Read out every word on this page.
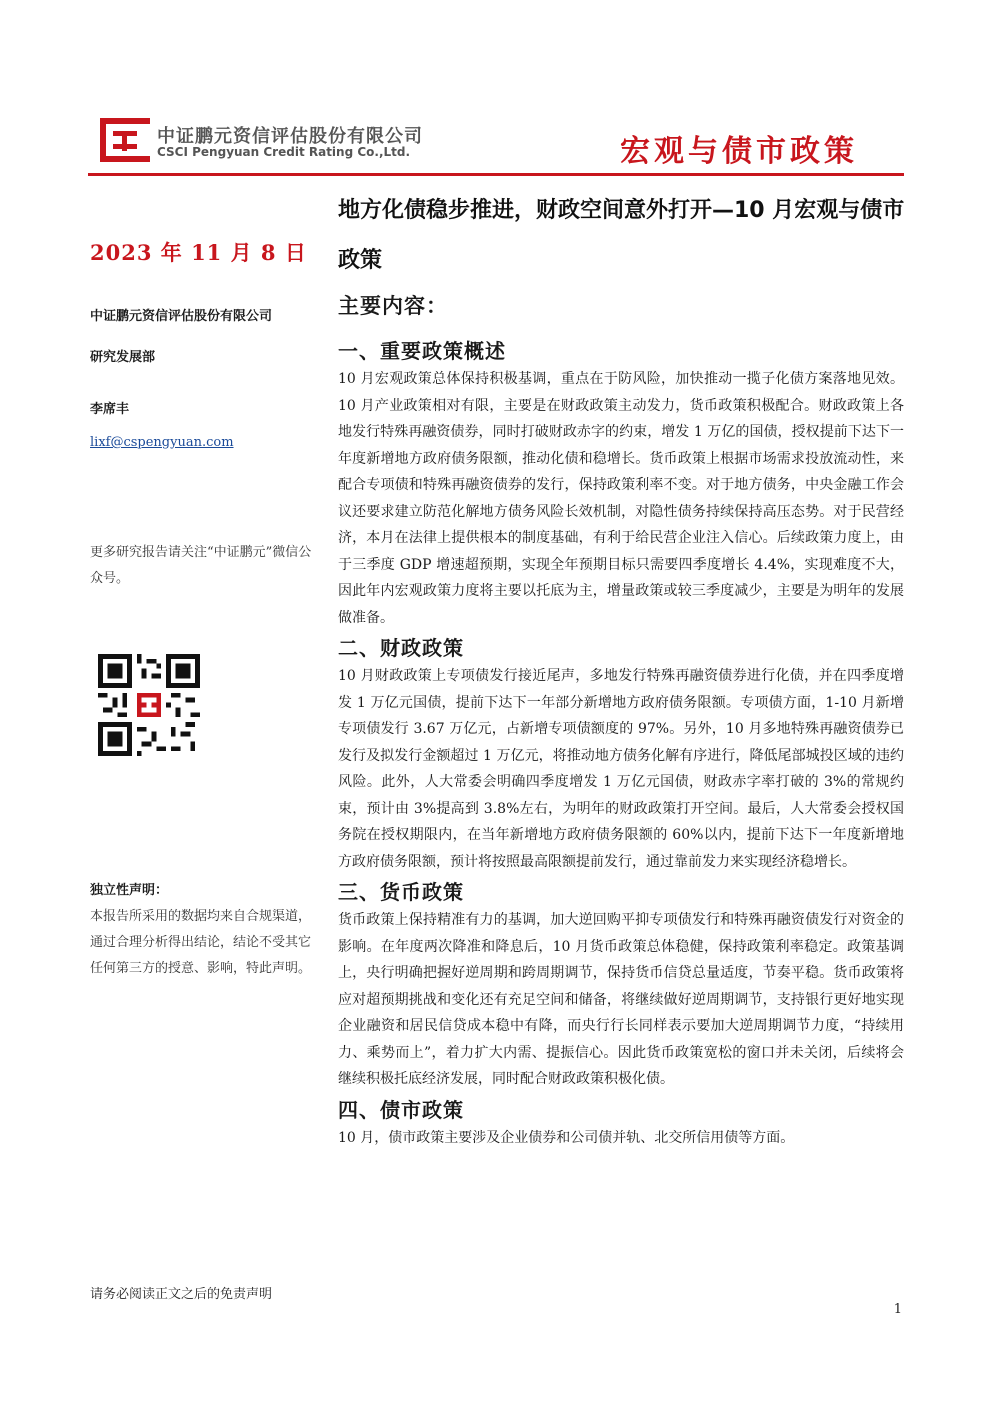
中证鹏元资信评估股份有限公司
CSCI Pengyuan Credit Rating Co.,Ltd.	宏观与债市政策
地方化债稳步推进，财政空间意外打开—10 月宏观与债市政策
2023 年 11 月 8 日
中证鹏元资信评估股份有限公司
研究发展部
李席丰
lixf@cspengyuan.com
更多研究报告请关注“中证鹏元”微信公众号。
独立性声明：
本报告所采用的数据均来自合规渠道，通过合理分析得出结论，结论不受其它任何第三方的授意、影响，特此声明。
主要内容：
一、重要政策概述

10 月宏观政策总体保持积极基调，重点在于防风险，加快推动一揽子化债方案落地见效。10 月产业政策相对有限，主要是在财政政策主动发力，货币政策积极配合。财政政策上各地发行特殊再融资债券，同时打破财政赤字的约束，增发 1 万亿的国债，授权提前下达下一年度新增地方政府债务限额，推动化债和稳增长。货币政策上根据市场需求投放流动性，来配合专项债和特殊再融资债券的发行，保持政策利率不变。对于地方债务，中央金融工作会议还要求建立防范化解地方债务风险长效机制，对隐性债务持续保持高压态势。对于民营经济，本月在法律上提供根本的制度基础，有利于给民营企业注入信心。后续政策力度上，由于三季度 GDP 增速超预期，实现全年预期目标只需要四季度增长 4.4%，实现难度不大，因此年内宏观政策力度将主要以托底为主，增量政策或较三季度减少，主要是为明年的发展做准备。

二、财政政策

10 月财政政策上专项债发行接近尾声，多地发行特殊再融资债券进行化债，并在四季度增发 1 万亿元国债，提前下达下一年部分新增地方政府债务限额。专项债方面，1-10 月新增专项债发行 3.67 万亿元，占新增专项债额度的 97%。另外，10 月多地特殊再融资债券已发行及拟发行金额超过 1 万亿元，将推动地方债务化解有序进行，降低尾部城投区域的违约风险。此外，人大常委会明确四季度增发 1 万亿元国债，财政赤字率打破的 3%的常规约束，预计由 3%提高到 3.8%左右，为明年的财政政策打开空间。最后，人大常委会授权国务院在授权期限内，在当年新增地方政府债务限额的 60%以内，提前下达下一年度新增地方政府债务限额，预计将按照最高限额提前发行，通过靠前发力来实现经济稳增长。

三、货币政策

货币政策上保持精准有力的基调，加大逆回购平抑专项债发行和特殊再融资债发行对资金的影响。在年度两次降准和降息后，10 月货币政策总体稳健，保持政策利率稳定。政策基调上，央行明确把握好逆周期和跨周期调节，保持货币信贷总量适度，节奏平稳。货币政策将应对超预期挑战和变化还有充足空间和储备，将继续做好逆周期调节，支持银行更好地实现企业融资和居民信贷成本稳中有降，而央行行长同样表示要加大逆周期调节力度，“持续用力、乘势而上”，着力扩大内需、提振信心。因此货币政策宽松的窗口并未关闭，后续将会继续积极托底经济发展，同时配合财政政策积极化债。

四、债市政策

10 月，债市政策主要涉及企业债券和公司债并轨、北交所信用债等方面。

请务必阅读正文之后的免责声明
1
